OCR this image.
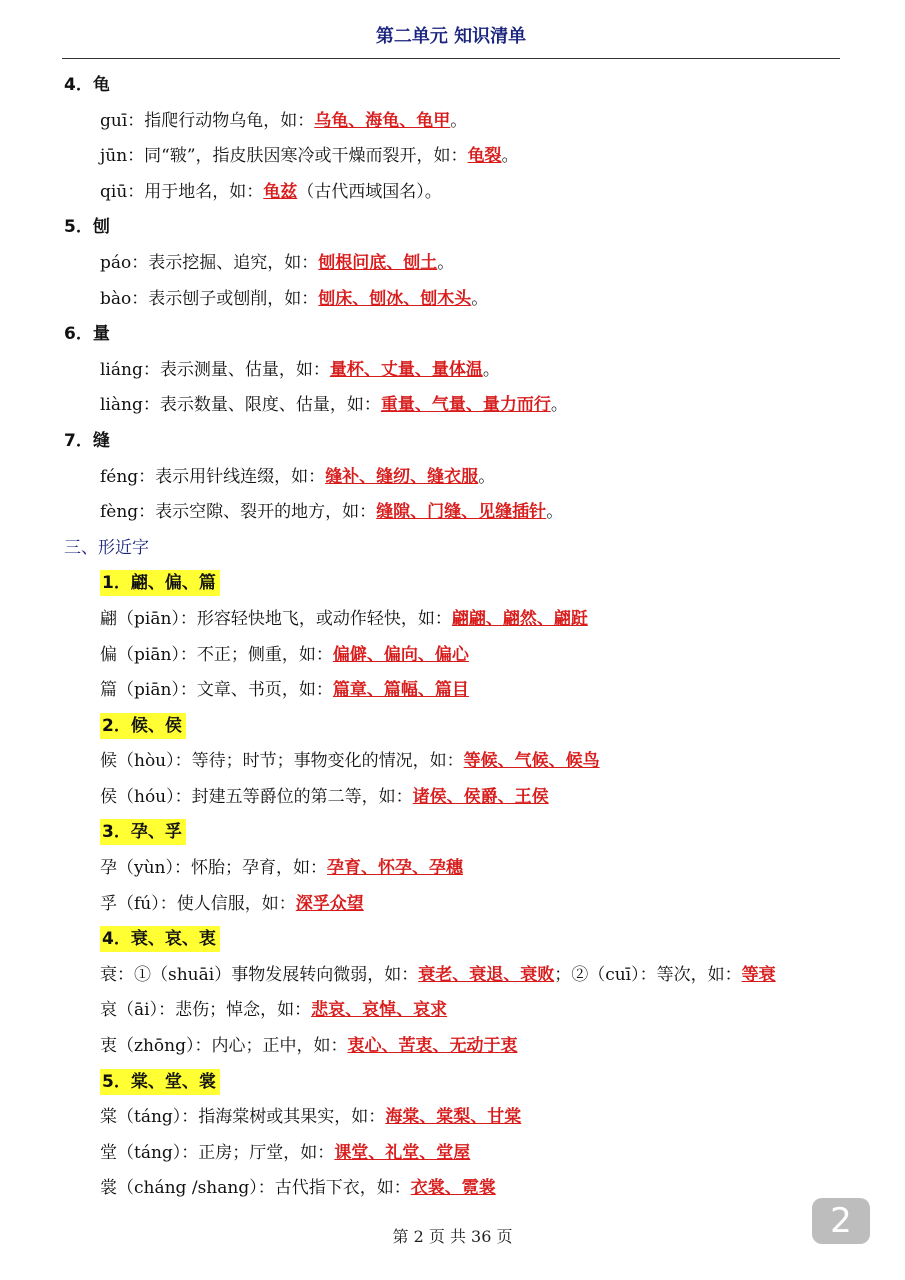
第二单元 知识清单
4．龟
guī：指爬行动物乌龟，如：乌龟、海龟、龟甲。
jūn：同“皲”，指皮肤因寒冷或干燥而裂开，如：龟裂。
qiū：用于地名，如：龟兹（古代西域国名）。
5．刨
páo：表示挖掘、追究，如：刨根问底、刨土。
bào：表示刨子或刨削，如：刨床、刨冰、刨木头。
6．量
liáng：表示测量、估量，如：量杯、丈量、量体温。
liàng：表示数量、限度、估量，如：重量、气量、量力而行。
7．缝
féng：表示用针线连缀，如：缝补、缝纫、缝衣服。
fèng：表示空隙、裂开的地方，如：缝隙、门缝、见缝插针。
三、形近字
1．翩、偏、篇
翩（piān）：形容轻快地飞，或动作轻快，如：翩翩、翩然、翩跹
偏（piān）：不正；侧重，如：偏僻、偏向、偏心
篇（piān）：文章、书页，如：篇章、篇幅、篇目
2．候、侯
候（hòu）：等待；时节；事物变化的情况，如：等候、气候、候鸟
侯（hóu）：封建五等爵位的第二等，如：诸侯、侯爵、王侯
3．孕、孚
孕（yùn）：怀胎；孕育，如：孕育、怀孕、孕穗
孚（fú）：使人信服，如：深孚众望
4．衰、哀、衷
衰：①（shuāi）事物发展转向微弱，如：衰老、衰退、衰败；②（cuī）：等次，如：等衰
哀（āi）：悲伤；悼念，如：悲哀、哀悼、哀求
衷（zhōng）：内心；正中，如：衷心、苦衷、无动于衷
5．棠、堂、裳
棠（táng）：指海棠树或其果实，如：海棠、棠梨、甘棠
堂（táng）：正房；厅堂，如：课堂、礼堂、堂屋
裳（cháng /shang）：古代指下衣，如：衣裳、霓裳
第 2 页 共 36 页	2
